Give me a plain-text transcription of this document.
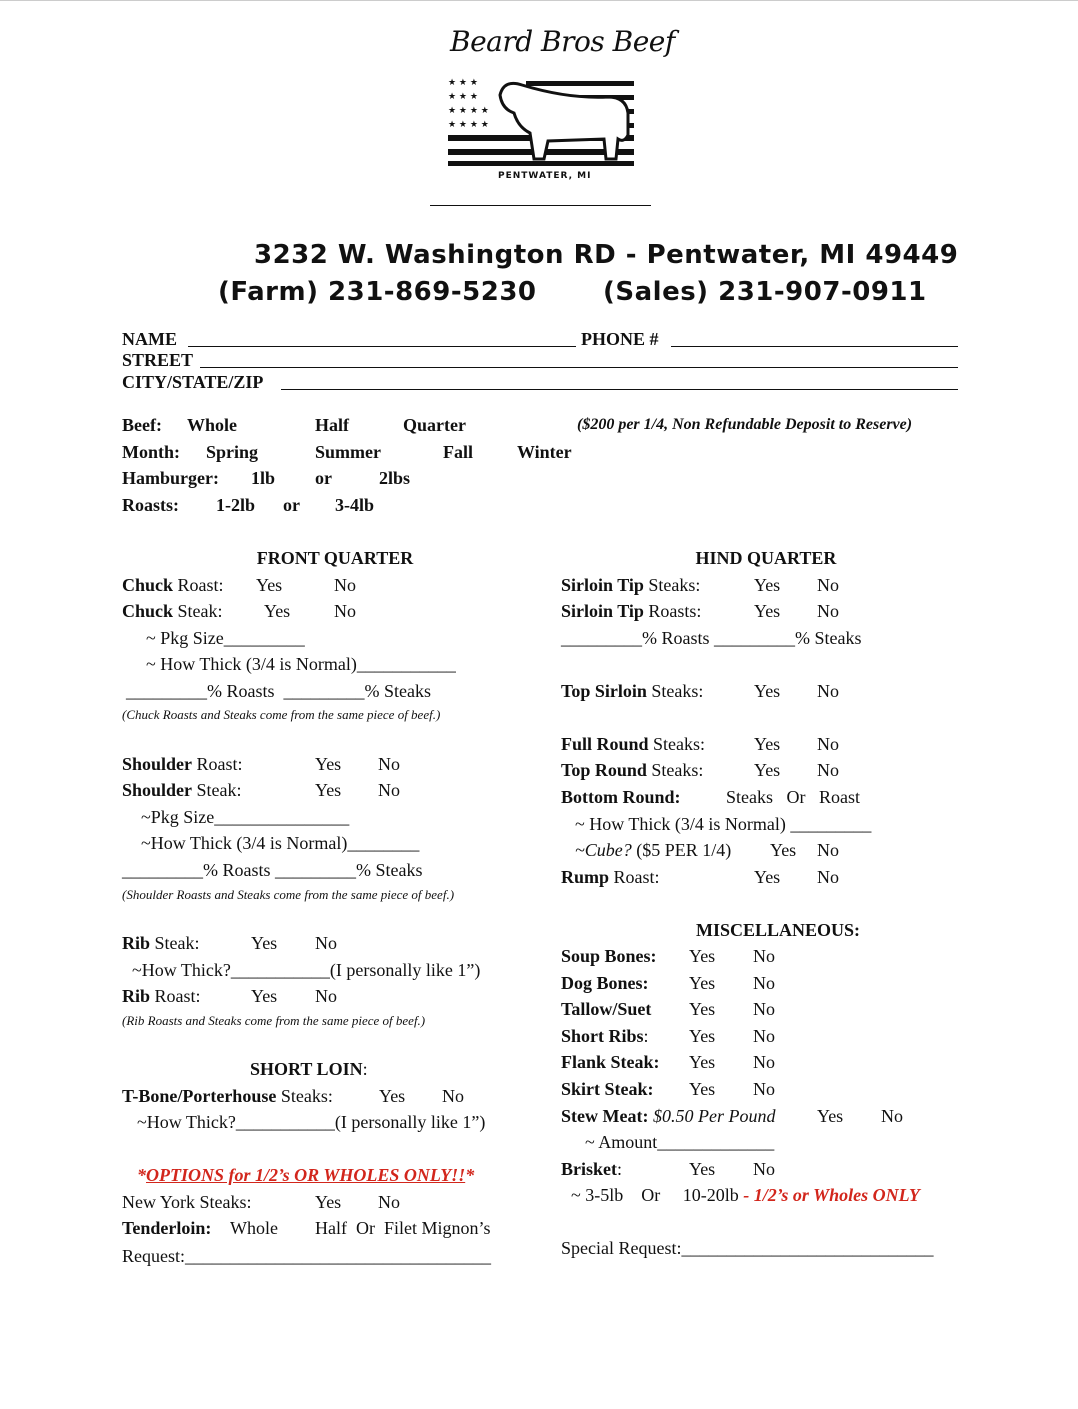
Beard Bros Beef
★ ★ ★
★ ★ ★
★ ★ ★ ★
★ ★ ★ ★
PENTWATER, MI
3232 W. Washington RD - Pentwater, MI 49449
(Farm) 231-869-5230	(Sales) 231-907-0911
NAME	PHONE #
STREET
CITY/STATE/ZIP
Beef: Whole	Half	Quarter	($200 per 1/4, Non Refundable Deposit to Reserve)
Month: Spring	Summer	Fall Winter
Hamburger: 1lb or	2lbs
Roasts: 1-2lb or 3-4lb
FRONT QUARTER
Chuck Roast: Yes	No
Chuck Steak: Yes No
~ Pkg Size_________
~ How Thick (3/4 is Normal)___________
_________% Roasts  _________% Steaks
(Chuck Roasts and Steaks come from the same piece of beef.)
Shoulder Roast:	Yes No
Shoulder Steak:	Yes No
~Pkg Size_______________
~How Thick (3/4 is Normal)________
_________% Roasts _________% Steaks
(Shoulder Roasts and Steaks come from the same piece of beef.)
Rib Steak:	Yes No
~How Thick?___________(I personally like 1”)
Rib Roast:	Yes No
(Rib Roasts and Steaks come from the same piece of beef.)
SHORT LOIN:
T-Bone/Porterhouse Steaks:	Yes No
~How Thick?___________(I personally like 1”)
*OPTIONS for 1/2’s OR WHOLES ONLY!!*
New York Steaks:	Yes No
Tenderloin: Whole Half  Or  Filet Mignon’s
Request:__________________________________
HIND QUARTER
Sirloin Tip Steaks:	Yes No
Sirloin Tip Roasts:	Yes No
_________% Roasts _________% Steaks
Top Sirloin Steaks:	Yes No
Full Round Steaks:	Yes No
Top Round Steaks:	Yes No
Bottom Round:	Steaks   Or   Roast
~ How Thick (3/4 is Normal) _________
~Cube? ($5 PER 1/4) Yes No
Rump Roast:	Yes No
MISCELLANEOUS:
Soup Bones: Yes No
Dog Bones: Yes No
Tallow/Suet Yes No
Short Ribs: Yes No
Flank Steak: Yes No
Skirt Steak: Yes No
Stew Meat: $0.50 Per Pound Yes No
~ Amount_____________
Brisket:	Yes No
~ 3-5lb    Or     10-20lb - 1/2’s or Wholes ONLY
Special Request:____________________________
